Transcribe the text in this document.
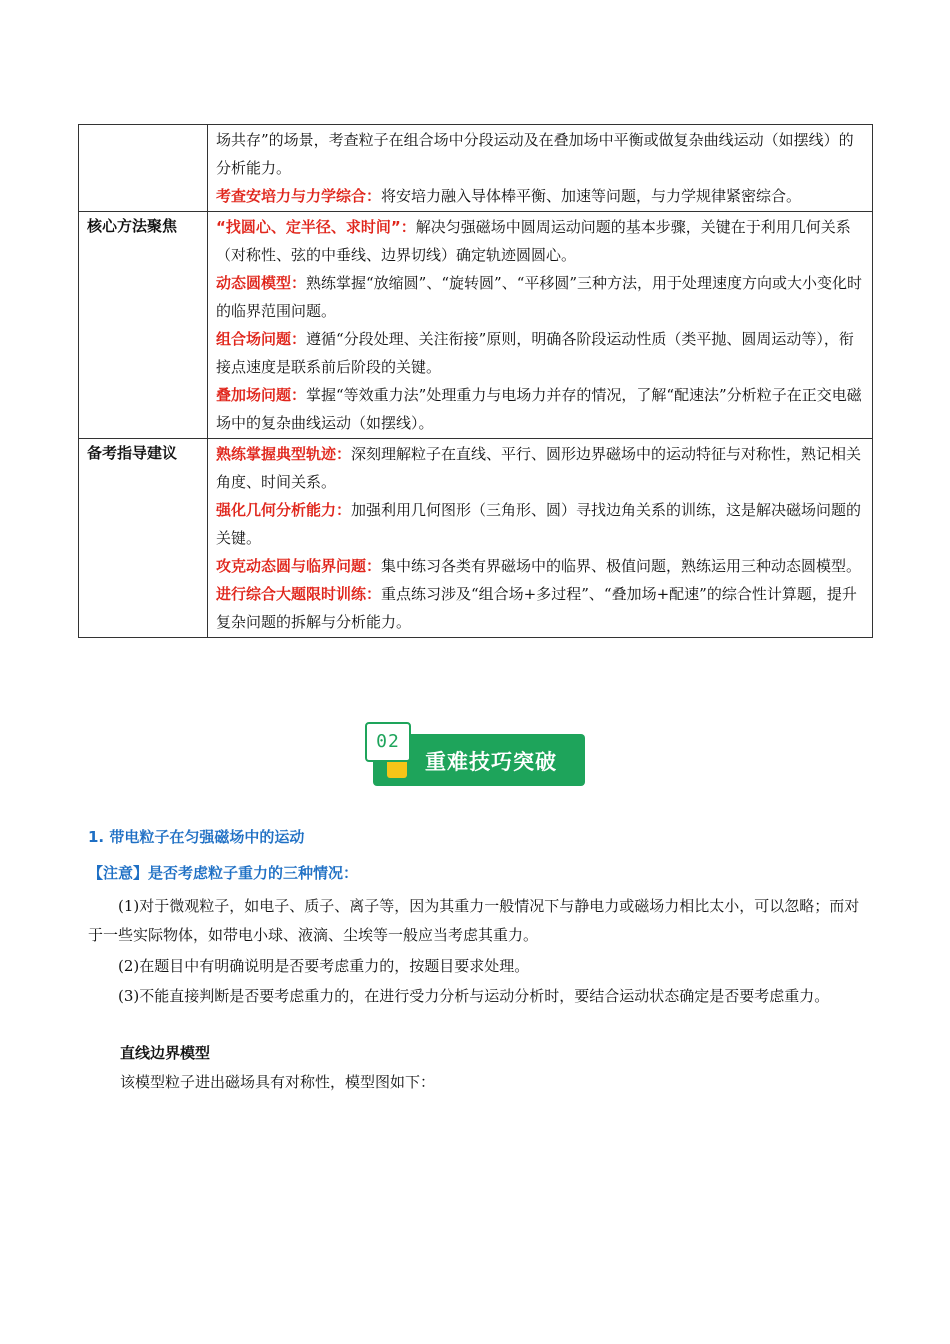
	场共存”的场景，考查粒子在组合场中分段运动及在叠加场中平衡或做复杂曲线运动（如摆线）的分析能力。

考查安培力与力学综合：将安培力融入导体棒平衡、加速等问题，与力学规律紧密综合。

核心方法聚焦	“找圆心、定半径、求时间”：解决匀强磁场中圆周运动问题的基本步骤，关键在于利用几何关系（对称性、弦的中垂线、边界切线）确定轨迹圆圆心。

动态圆模型：熟练掌握“放缩圆”、“旋转圆”、“平移圆”三种方法，用于处理速度方向或大小变化时的临界范围问题。

组合场问题：遵循“分段处理、关注衔接”原则，明确各阶段运动性质（类平抛、圆周运动等），衔接点速度是联系前后阶段的关键。

叠加场问题：掌握“等效重力法”处理重力与电场力并存的情况，了解“配速法”分析粒子在正交电磁场中的复杂曲线运动（如摆线）。

备考指导建议	熟练掌握典型轨迹：深刻理解粒子在直线、平行、圆形边界磁场中的运动特征与对称性，熟记相关角度、时间关系。

强化几何分析能力：加强利用几何图形（三角形、圆）寻找边角关系的训练，这是解决磁场问题的关键。

攻克动态圆与临界问题：集中练习各类有界磁场中的临界、极值问题，熟练运用三种动态圆模型。

进行综合大题限时训练：重点练习涉及“组合场+多过程”、“叠加场+配速”的综合性计算题，提升复杂问题的拆解与分析能力。

02
重难技巧突破
1. 带电粒子在匀强磁场中的运动
【注意】是否考虑粒子重力的三种情况：

(1)对于微观粒子，如电子、质子、离子等，因为其重力一般情况下与静电力或磁场力相比太小，可以忽略；而对于一些实际物体，如带电小球、液滴、尘埃等一般应当考虑其重力。

(2)在题目中有明确说明是否要考虑重力的，按题目要求处理。

(3)不能直接判断是否要考虑重力的，在进行受力分析与运动分析时，要结合运动状态确定是否要考虑重力。

直线边界模型
该模型粒子进出磁场具有对称性，模型图如下：
